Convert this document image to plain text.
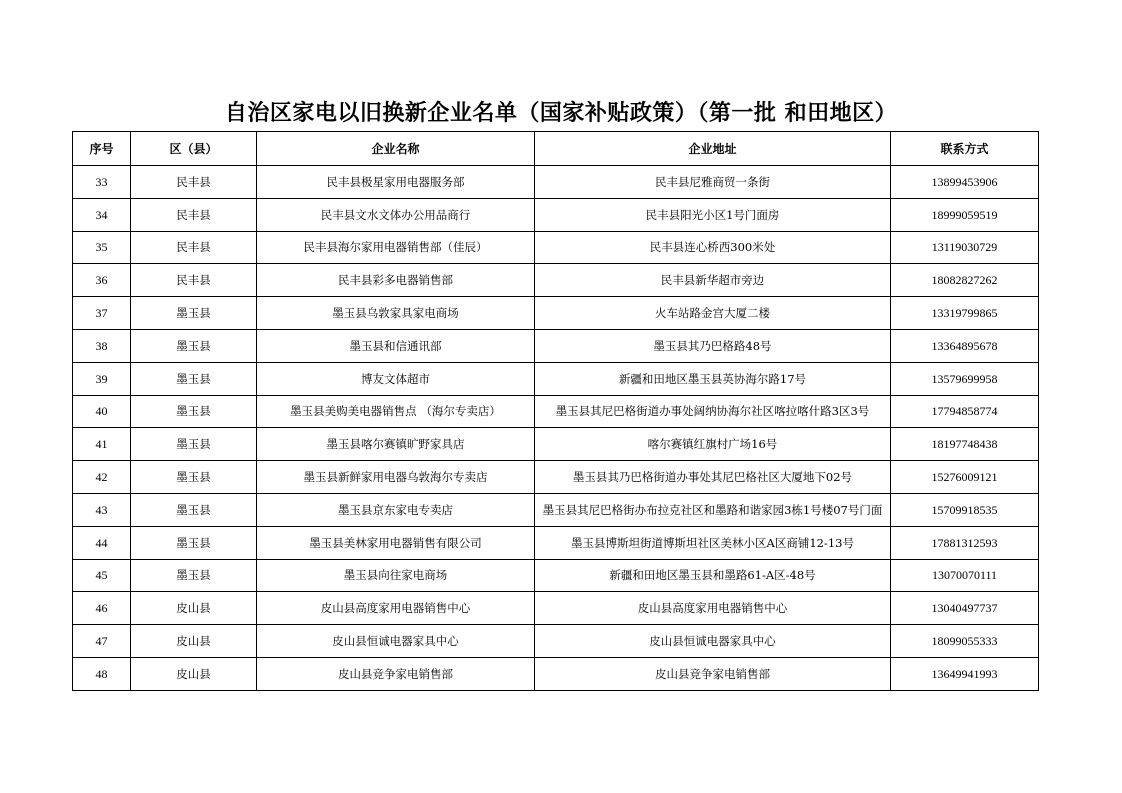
自治区家电以旧换新企业名单（国家补贴政策）（第一批 和田地区）
序号	区（县）	企业名称	企业地址	联系方式
33	民丰县	民丰县极星家用电器服务部	民丰县尼雅商贸一条街	13899453906
34	民丰县	民丰县文水文体办公用品商行	民丰县阳光小区1号门面房	18999059519
35	民丰县	民丰县海尔家用电器销售部（佳辰）	民丰县连心桥西300米处	13119030729
36	民丰县	民丰县彩多电器销售部	民丰县新华超市旁边	18082827262
37	墨玉县	墨玉县乌敦家具家电商场	火车站路金宫大厦二楼	13319799865
38	墨玉县	墨玉县和信通讯部	墨玉县其乃巴格路48号	13364895678
39	墨玉县	博友文体超市	新疆和田地区墨玉县英协海尔路17号	13579699958
40	墨玉县	墨玉县美购美电器销售点 （海尔专卖店）	墨玉县其尼巴格街道办事处阔纳协海尔社区喀拉喀什路3区3号	17794858774
41	墨玉县	墨玉县喀尔赛镇旷野家具店	喀尔赛镇红旗村广场16号	18197748438
42	墨玉县	墨玉县新鲜家用电器乌敦海尔专卖店	墨玉县其乃巴格街道办事处其尼巴格社区大厦地下02号	15276009121
43	墨玉县	墨玉县京东家电专卖店	墨玉县其尼巴格街办布拉克社区和墨路和谐家园3栋1号楼07号门面	15709918535
44	墨玉县	墨玉县美林家用电器销售有限公司	墨玉县博斯坦街道博斯坦社区美林小区A区商铺12-13号	17881312593
45	墨玉县	墨玉县向往家电商场	新疆和田地区墨玉县和墨路61-A区-48号	13070070111
46	皮山县	皮山县高度家用电器销售中心	皮山县高度家用电器销售中心	13040497737
47	皮山县	皮山县恒诚电器家具中心	皮山县恒诚电器家具中心	18099055333
48	皮山县	皮山县竞争家电销售部	皮山县竞争家电销售部	13649941993
